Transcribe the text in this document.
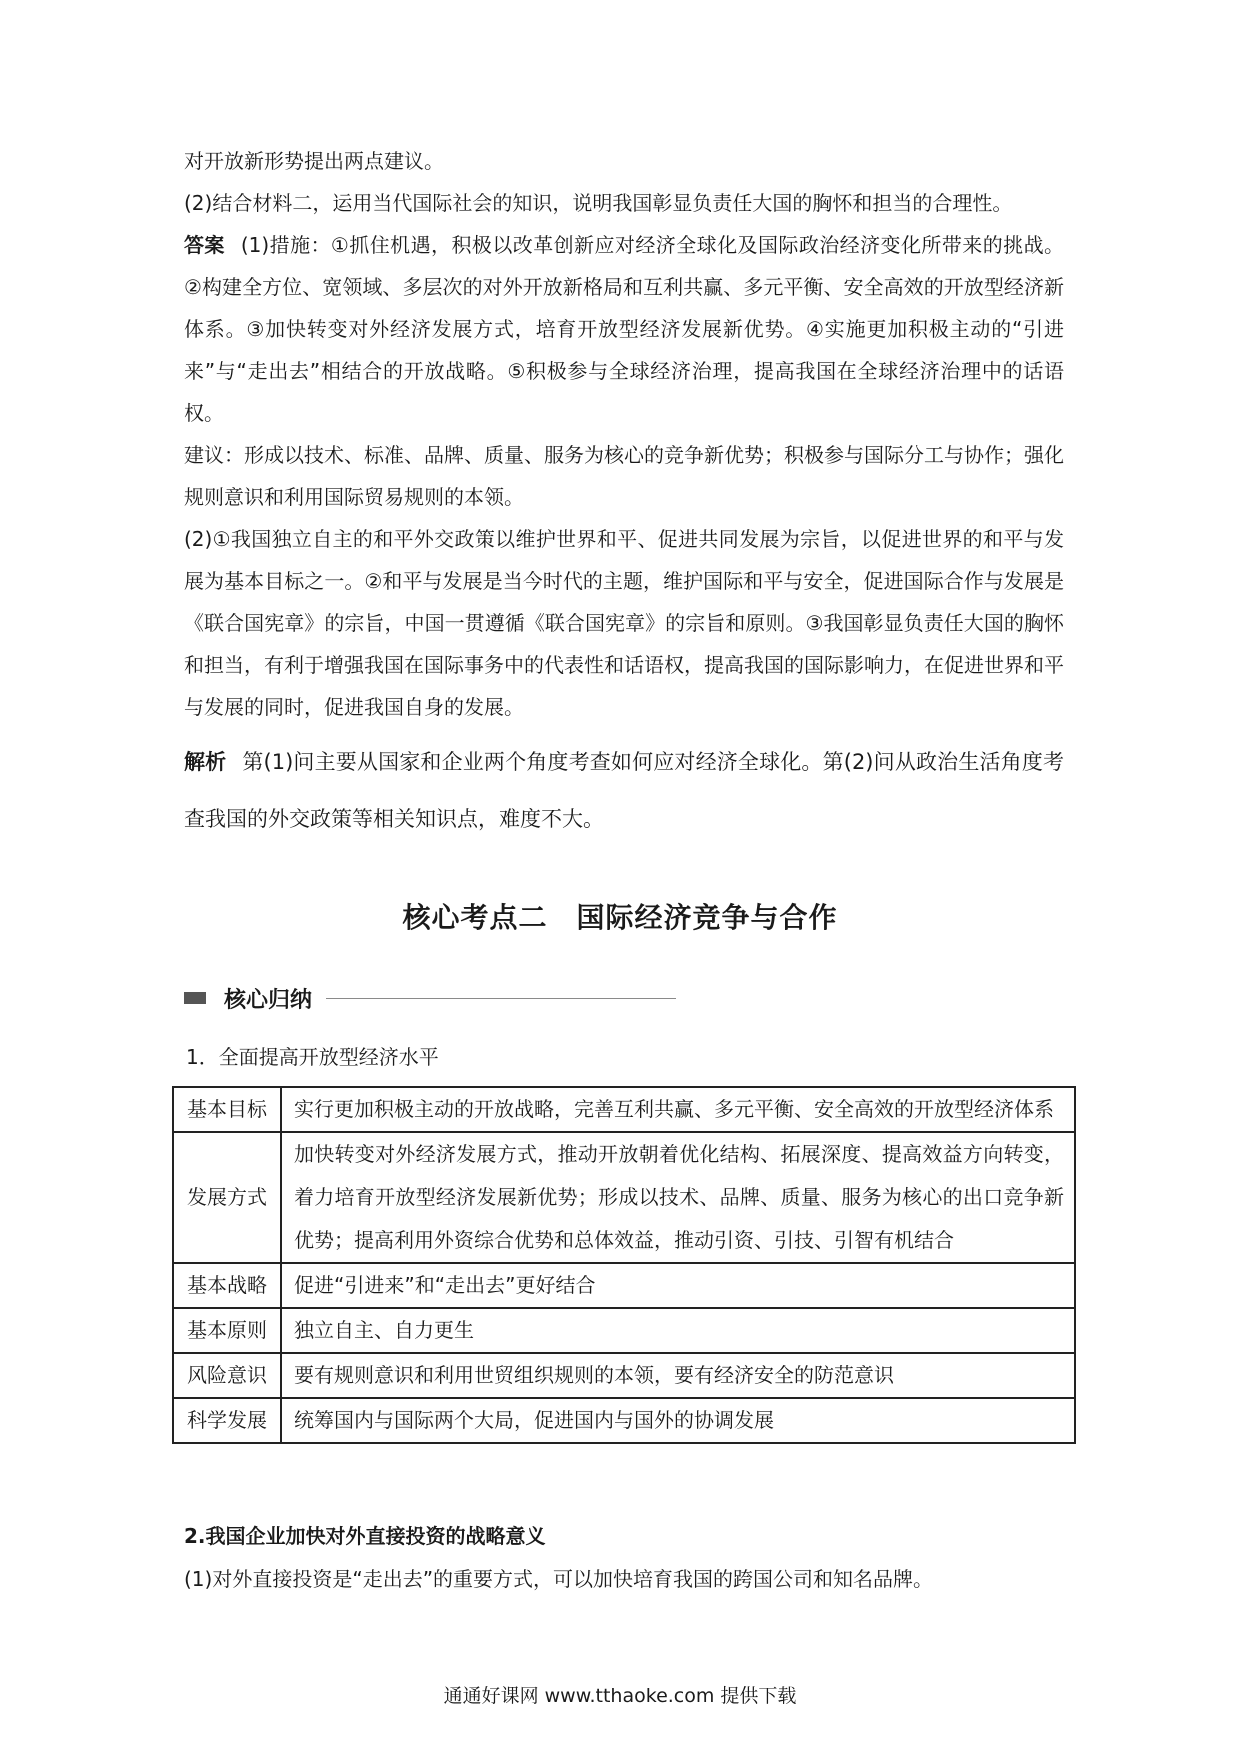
对开放新形势提出两点建议。

(2)结合材料二，运用当代国际社会的知识，说明我国彰显负责任大国的胸怀和担当的合理性。

答案 (1)措施：①抓住机遇，积极以改革创新应对经济全球化及国际政治经济变化所带来的挑战。②构建全方位、宽领域、多层次的对外开放新格局和互利共赢、多元平衡、安全高效的开放型经济新体系。③加快转变对外经济发展方式，培育开放型经济发展新优势。④实施更加积极主动的“引进来”与“走出去”相结合的开放战略。⑤积极参与全球经济治理，提高我国在全球经济治理中的话语权。

建议：形成以技术、标准、品牌、质量、服务为核心的竞争新优势；积极参与国际分工与协作；强化规则意识和利用国际贸易规则的本领。

(2)①我国独立自主的和平外交政策以维护世界和平、促进共同发展为宗旨，以促进世界的和平与发展为基本目标之一。②和平与发展是当今时代的主题，维护国际和平与安全，促进国际合作与发展是《联合国宪章》的宗旨，中国一贯遵循《联合国宪章》的宗旨和原则。③我国彰显负责任大国的胸怀和担当，有利于增强我国在国际事务中的代表性和话语权，提高我国的国际影响力，在促进世界和平与发展的同时，促进我国自身的发展。

解析 第(1)问主要从国家和企业两个角度考查如何应对经济全球化。第(2)问从政治生活角度考查我国的外交政策等相关知识点，难度不大。

核心考点二　国际经济竞争与合作
核心归纳
1．全面提高开放型经济水平
基本目标	实行更加积极主动的开放战略，完善互利共赢、多元平衡、安全高效的开放型经济体系
发展方式	加快转变对外经济发展方式，推动开放朝着优化结构、拓展深度、提高效益方向转变，着力培育开放型经济发展新优势；形成以技术、品牌、质量、服务为核心的出口竞争新优势；提高利用外资综合优势和总体效益，推动引资、引技、引智有机结合
基本战略	促进“引进来”和“走出去”更好结合
基本原则	独立自主、自力更生
风险意识	要有规则意识和利用世贸组织规则的本领，要有经济安全的防范意识
科学发展	统筹国内与国际两个大局，促进国内与国外的协调发展
2.我国企业加快对外直接投资的战略意义
(1)对外直接投资是“走出去”的重要方式，可以加快培育我国的跨国公司和知名品牌。
通通好课网 www.tthaoke.com 提供下载
